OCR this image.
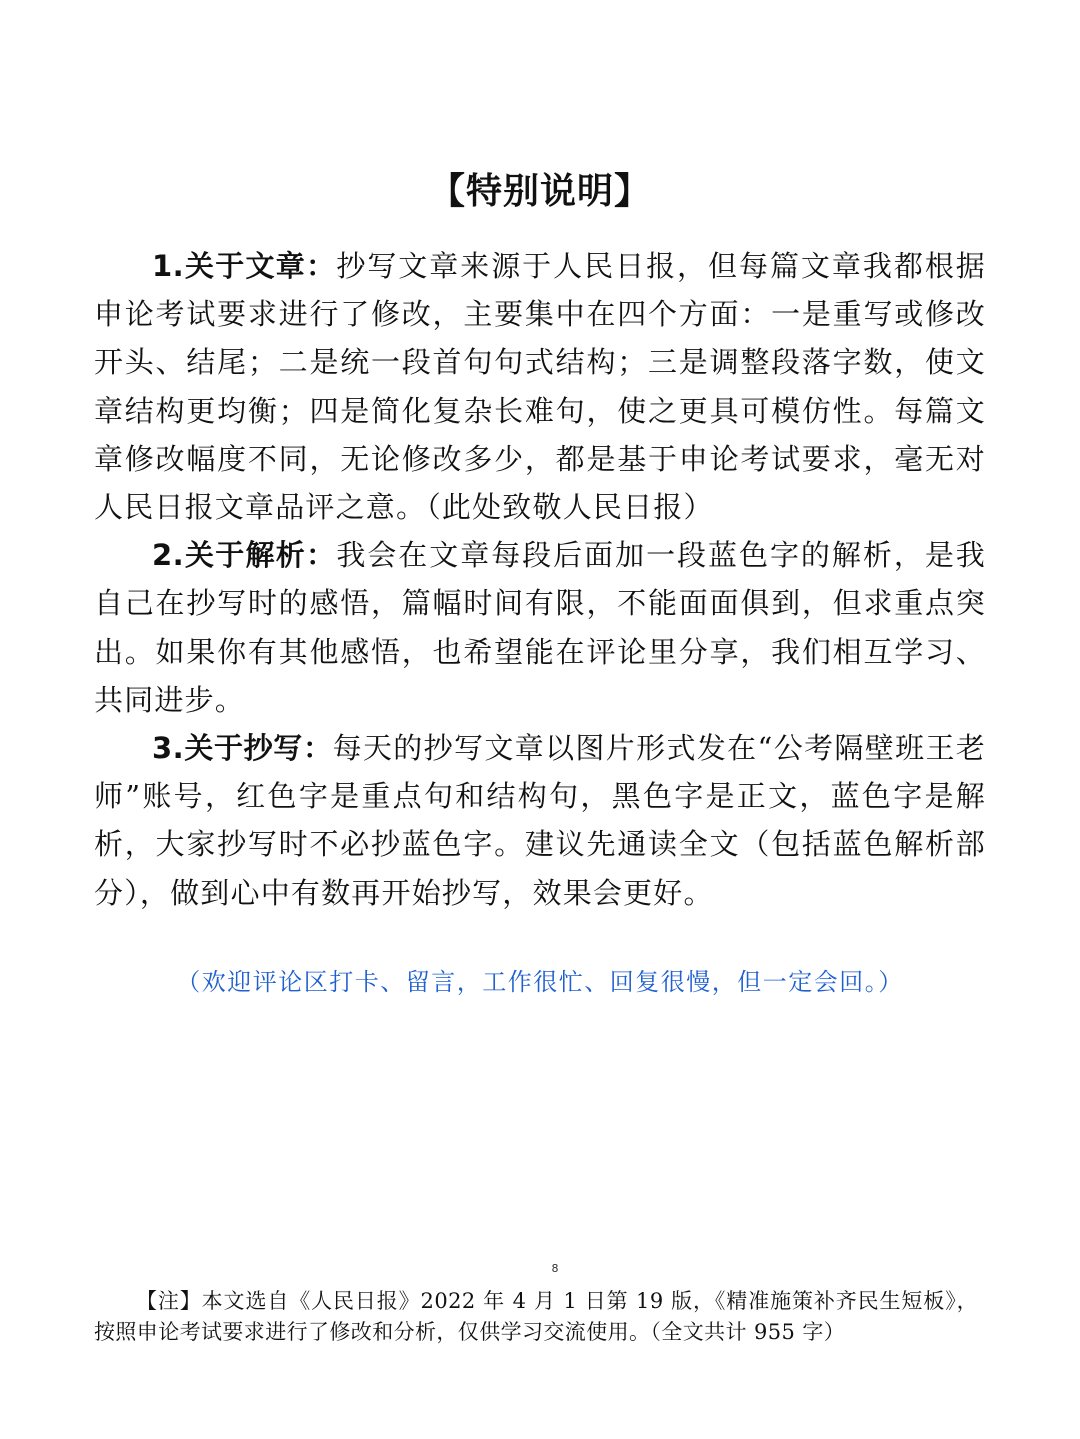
【特别说明】

1.关于文章：抄写文章来源于人民日报，但每篇文章我都根据申论考试要求进行了修改，主要集中在四个方面：一是重写或修改开头、结尾；二是统一段首句句式结构；三是调整段落字数，使文章结构更均衡；四是简化复杂长难句，使之更具可模仿性。每篇文章修改幅度不同，无论修改多少，都是基于申论考试要求，毫无对人民日报文章品评之意。（此处致敬人民日报）

2.关于解析：我会在文章每段后面加一段蓝色字的解析，是我自己在抄写时的感悟，篇幅时间有限，不能面面俱到，但求重点突出。如果你有其他感悟，也希望能在评论里分享，我们相互学习、共同进步。

3.关于抄写：每天的抄写文章以图片形式发在“公考隔壁班王老师”账号，红色字是重点句和结构句，黑色字是正文，蓝色字是解析，大家抄写时不必抄蓝色字。建议先通读全文（包括蓝色解析部分），做到心中有数再开始抄写，效果会更好。

（欢迎评论区打卡、留言，工作很忙、回复很慢，但一定会回。）
8

【注】本文选自《人民日报》2022 年 4 月 1 日第 19 版，《精准施策补齐民生短板》，按照申论考试要求进行了修改和分析，仅供学习交流使用。（全文共计 955 字）
